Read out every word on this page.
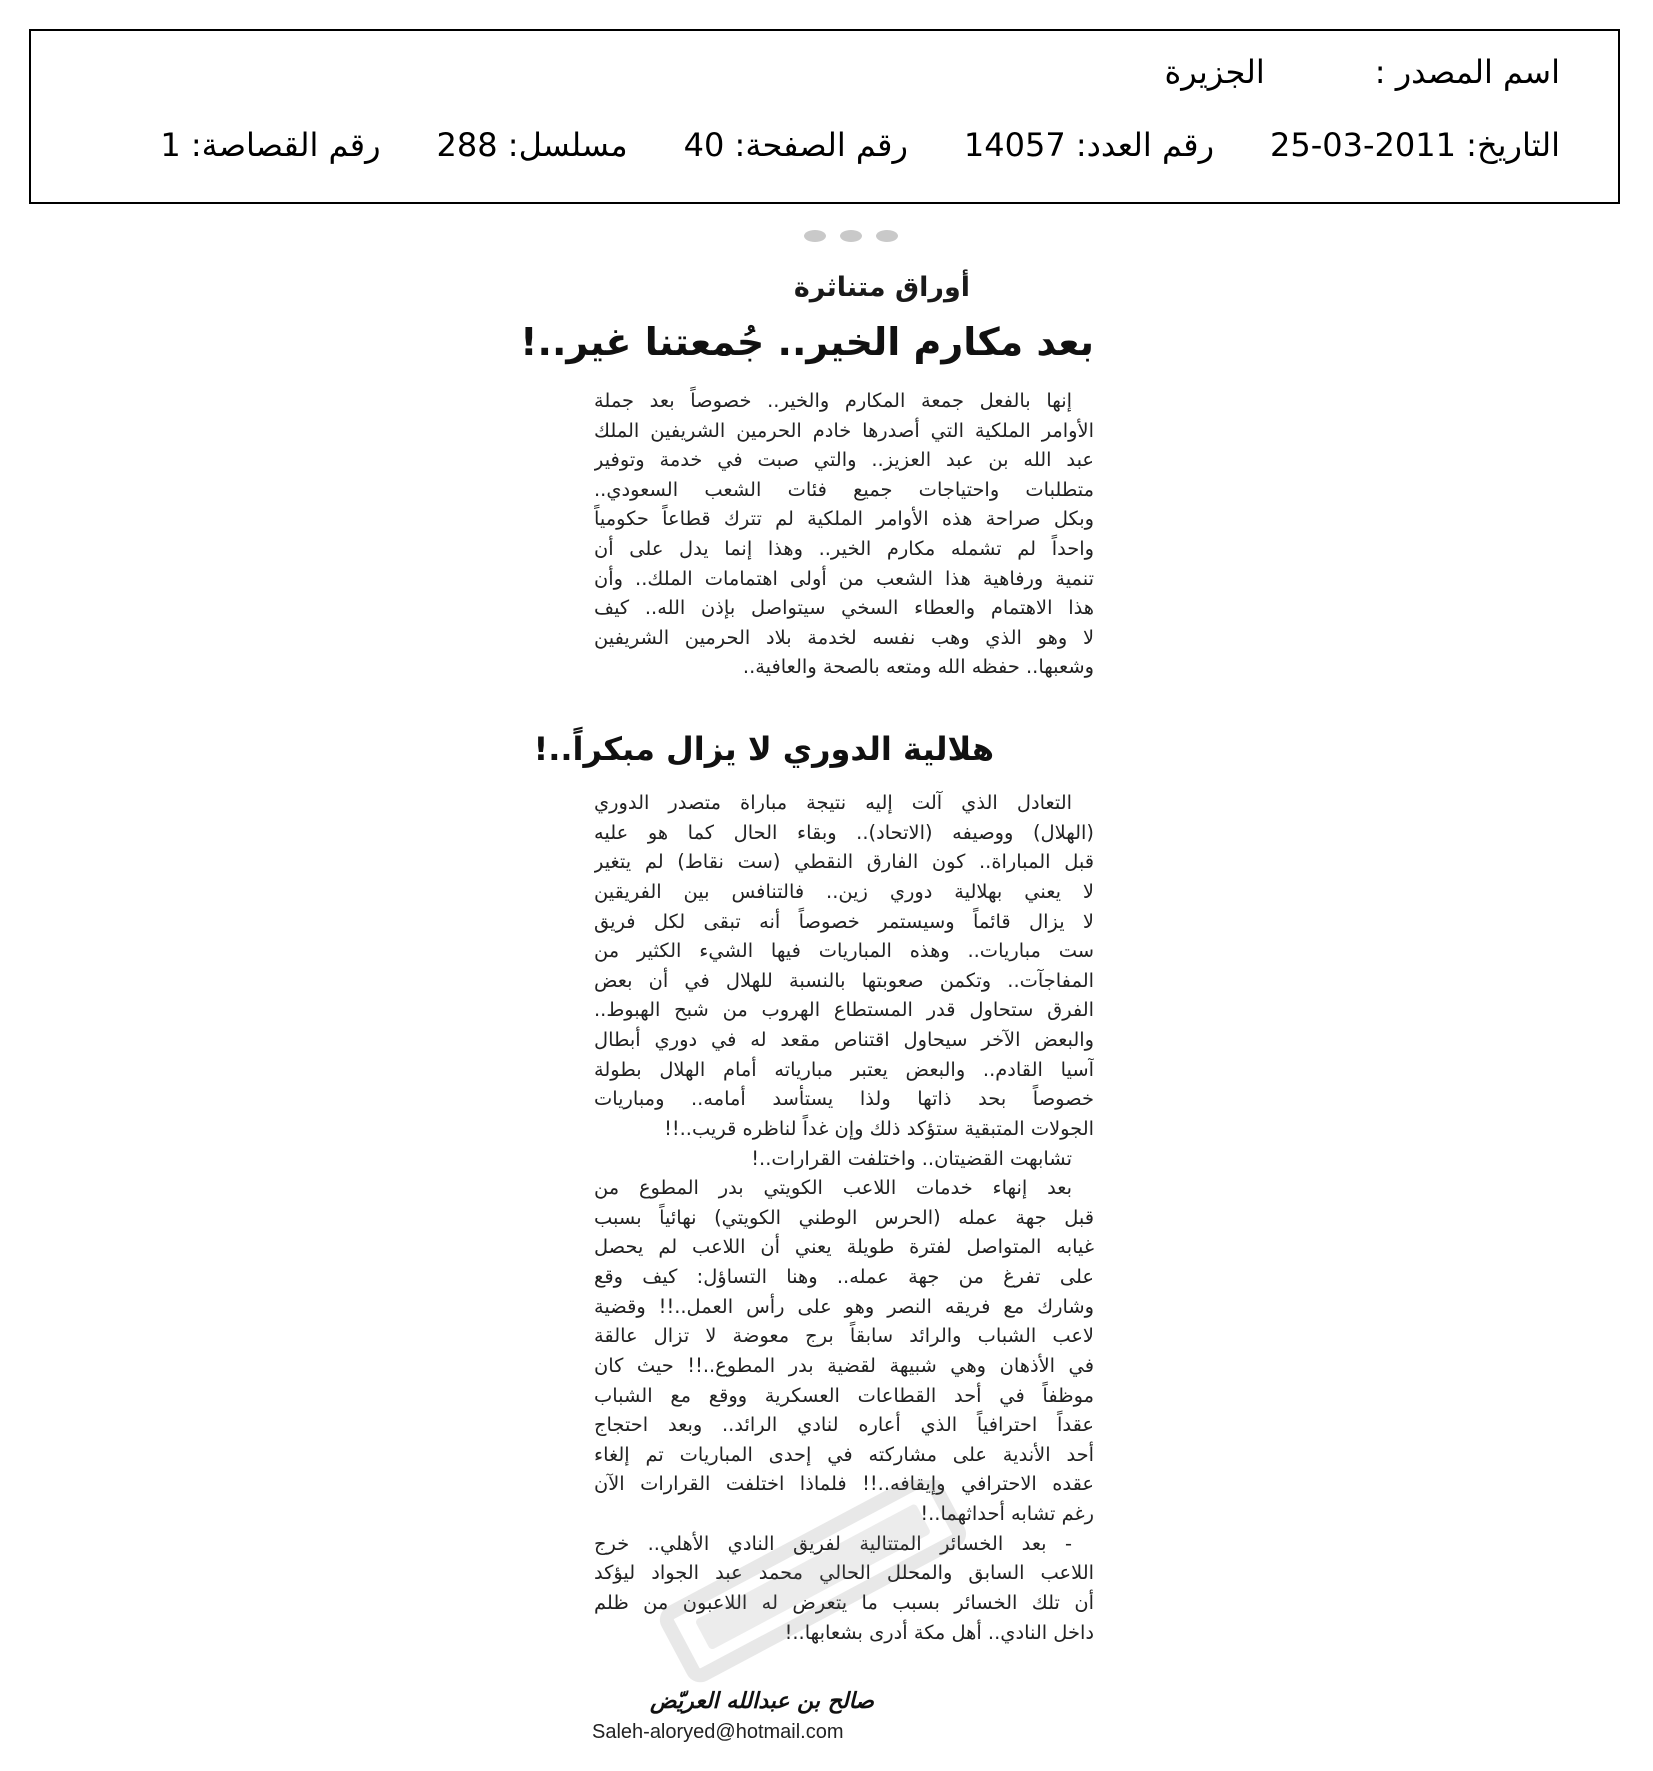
اسم المصدر :الجزيرة
التاريخ: 2011-03-25رقم العدد: 14057رقم الصفحة: 40مسلسل: 288رقم القصاصة: 1
أوراق متناثرة
بعد مكارم الخير.. جُمعتنا غير..!
إنها بالفعل جمعة المكارم والخير.. خصوصاً بعد جملة
الأوامر الملكية التي أصدرها خادم الحرمين الشريفين الملك
عبد الله بن عبد العزيز.. والتي صبت في خدمة وتوفير
متطلبات واحتياجات جميع فئات الشعب السعودي..
وبكل صراحة هذه الأوامر الملكية لم تترك قطاعاً حكومياً
واحداً لم تشمله مكارم الخير.. وهذا إنما يدل على أن
تنمية ورفاهية هذا الشعب من أولى اهتمامات الملك.. وأن
هذا الاهتمام والعطاء السخي سيتواصل بإذن الله.. كيف
لا وهو الذي وهب نفسه لخدمة بلاد الحرمين الشريفين
وشعبها.. حفظه الله ومتعه بالصحة والعافية..
هلالية الدوري لا يزال مبكراً..!
التعادل الذي آلت إليه نتيجة مباراة متصدر الدوري
(الهلال) ووصيفه (الاتحاد).. وبقاء الحال كما هو عليه
قبل المباراة.. كون الفارق النقطي (ست نقاط) لم يتغير
لا يعني بهلالية دوري زين.. فالتنافس بين الفريقين
لا يزال قائماً وسيستمر خصوصاً أنه تبقى لكل فريق
ست مباريات.. وهذه المباريات فيها الشيء الكثير من
المفاجآت.. وتكمن صعوبتها بالنسبة للهلال في أن بعض
الفرق ستحاول قدر المستطاع الهروب من شبح الهبوط..
والبعض الآخر سيحاول اقتناص مقعد له في دوري أبطال
آسيا القادم.. والبعض يعتبر مبارياته أمام الهلال بطولة
خصوصاً بحد ذاتها ولذا يستأسد أمامه.. ومباريات
الجولات المتبقية ستؤكد ذلك وإن غداً لناظره قريب..!!
تشابهت القضيتان.. واختلفت القرارات..!
بعد إنهاء خدمات اللاعب الكويتي بدر المطوع من
قبل جهة عمله (الحرس الوطني الكويتي) نهائياً بسبب
غيابه المتواصل لفترة طويلة يعني أن اللاعب لم يحصل
على تفرغ من جهة عمله.. وهنا التساؤل: كيف وقع
وشارك مع فريقه النصر وهو على رأس العمل..!! وقضية
لاعب الشباب والرائد سابقاً برج معوضة لا تزال عالقة
في الأذهان وهي شبيهة لقضية بدر المطوع..!! حيث كان
موظفاً في أحد القطاعات العسكرية ووقع مع الشباب
عقداً احترافياً الذي أعاره لنادي الرائد.. وبعد احتجاج
أحد الأندية على مشاركته في إحدى المباريات تم إلغاء
عقده الاحترافي وإيقافه..!! فلماذا اختلفت القرارات الآن
رغم تشابه أحداثهما..!
- بعد الخسائر المتتالية لفريق النادي الأهلي.. خرج
اللاعب السابق والمحلل الحالي محمد عبد الجواد ليؤكد
أن تلك الخسائر بسبب ما يتعرض له اللاعبون من ظلم
داخل النادي.. أهل مكة أدرى بشعابها..!
صالح بن عبدالله العريّض
Saleh-aloryed@hotmail.com
